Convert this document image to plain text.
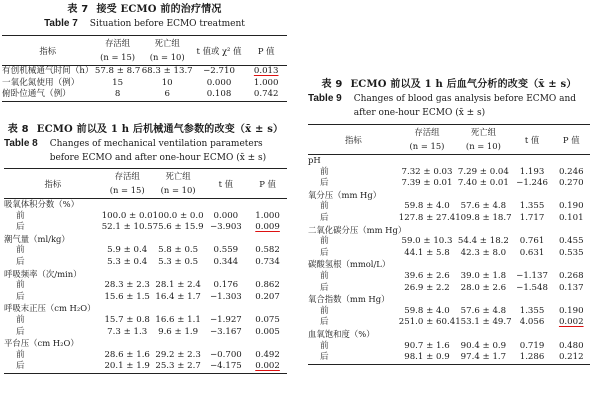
表 7 接受 ECMO 前的治疗情况
Table 7 Situation before ECMO treatment
指标	存活组	死亡组	t 值或 χ² 值	P 值
	(n = 15)	(n = 10)		
有创机械通气时间（h）	57.8 ± 8.7	68.3 ± 13.7	−2.710	0.013
一氧化氮使用（例）	15	10	0.000	1.000
俯卧位通气（例）	8	6	0.108	0.742
表 8 ECMO 前以及 1 h 后机械通气参数的改变（x̄ ± s）
Table 8 Changes of mechanical ventilation parameters before ECMO and after one-hour ECMO (x̄ ± s)
指标	存活组	死亡组	t 值	P 值
	(n = 15)	(n = 10)		
吸氧体积分数（%）				
前	100.0 ± 0.0	100.0 ± 0.0	0.000	1.000
后	52.1 ± 10.5	75.6 ± 15.9	−3.903	0.009
潮气量（ml/kg）				
前	5.9 ± 0.4	5.8 ± 0.5	0.559	0.582
后	5.3 ± 0.4	5.3 ± 0.5	0.344	0.734
呼吸频率（次/min）				
前	28.3 ± 2.3	28.1 ± 2.4	0.176	0.862
后	15.6 ± 1.5	16.4 ± 1.7	−1.303	0.207
呼吸末正压（cm H₂O）				
前	15.7 ± 0.8	16.6 ± 1.1	−1.927	0.075
后	7.3 ± 1.3	9.6 ± 1.9	−3.167	0.005
平台压（cm H₂O）				
前	28.6 ± 1.6	29.2 ± 2.3	−0.700	0.492
后	20.1 ± 1.9	25.3 ± 2.7	−4.175	0.002
表 9 ECMO 前以及 1 h 后血气分析的改变（x̄ ± s）
Table 9 Changes of blood gas analysis before ECMO and after one-hour ECMO (x̄ ± s)
指标	存活组	死亡组	t 值	P 值
	(n = 15)	(n = 10)		
pH				
前	7.32 ± 0.03	7.29 ± 0.04	1.193	0.246
后	7.39 ± 0.01	7.40 ± 0.01	−1.246	0.270
氧分压（mm Hg）				
前	59.8 ± 4.0	57.6 ± 4.8	1.355	0.190
后	127.8 ± 27.4	109.8 ± 18.7	1.717	0.101
二氧化碳分压（mm Hg）				
前	59.0 ± 10.3	54.4 ± 18.2	0.761	0.455
后	44.1 ± 5.8	42.3 ± 8.0	0.631	0.535
碳酸氢根（mmol/L）				
前	39.6 ± 2.6	39.0 ± 1.8	−1.137	0.268
后	26.9 ± 2.2	28.0 ± 2.6	−1.548	0.137
氧合指数（mm Hg）				
前	59.8 ± 4.0	57.6 ± 4.8	1.355	0.190
后	251.0 ± 60.4	153.1 ± 49.7	4.056	0.002
血氧饱和度（%）				
前	90.7 ± 1.6	90.4 ± 0.9	0.719	0.480
后	98.1 ± 0.9	97.4 ± 1.7	1.286	0.212
